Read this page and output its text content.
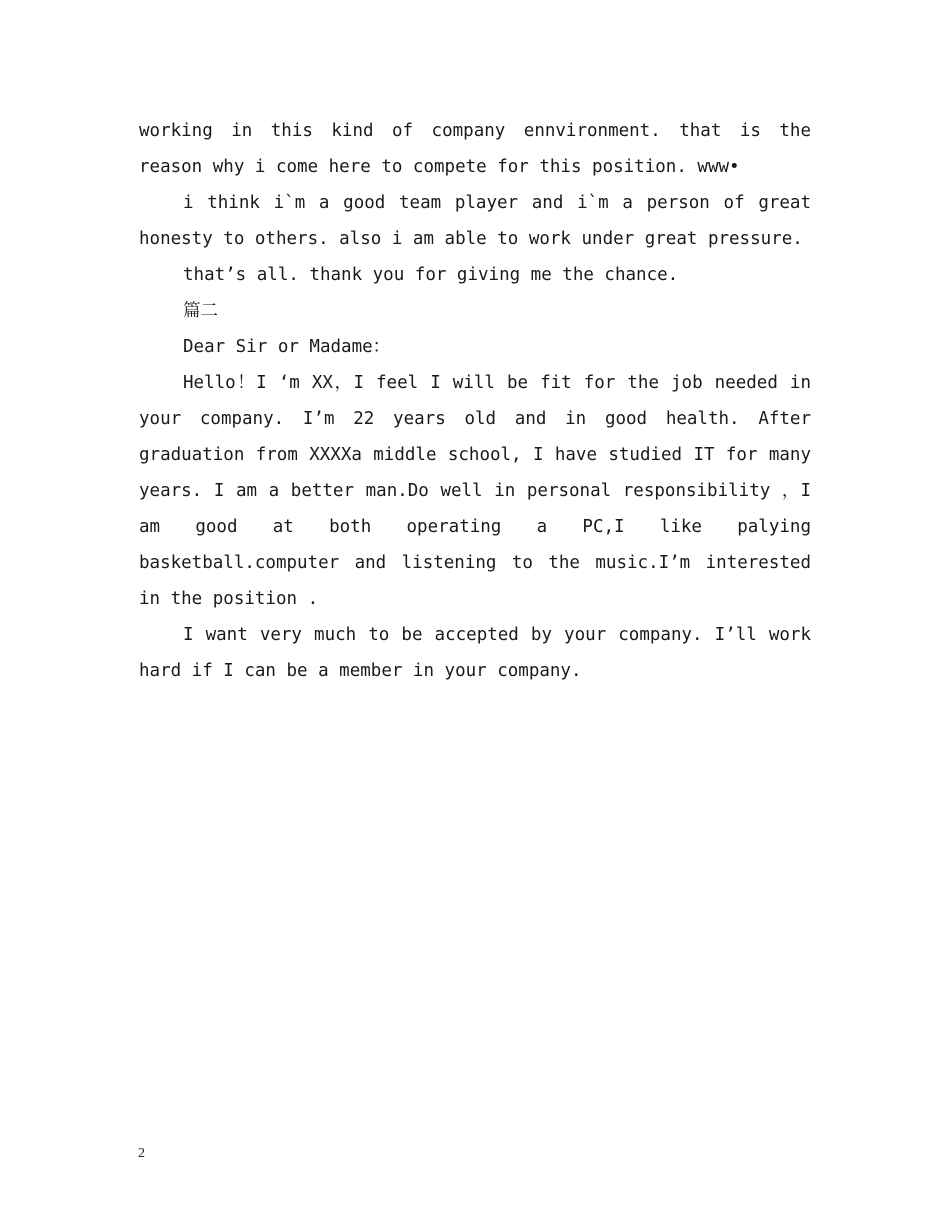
working in this kind of company ennvironment. that is the reason why i come here to compete for this position. www•

i think i`m a good team player and i`m a person of great honesty to others. also i am able to work under great pressure.

that’s all. thank you for giving me the chance.

篇二

Dear Sir or Madame：

Hello！I ‘m XX，I feel I will be fit for the job needed in your company. I’m 22 years old and in good health. After graduation from XXXXa middle school, I have studied IT for many years. I am a better man.Do well in personal responsibility ，I am good at both operating a PC,I like palying basketball.computer and listening to the music.I’m interested in the position .

I want very much to be accepted by your company. I’ll work hard if I can be a member in your company.

2
